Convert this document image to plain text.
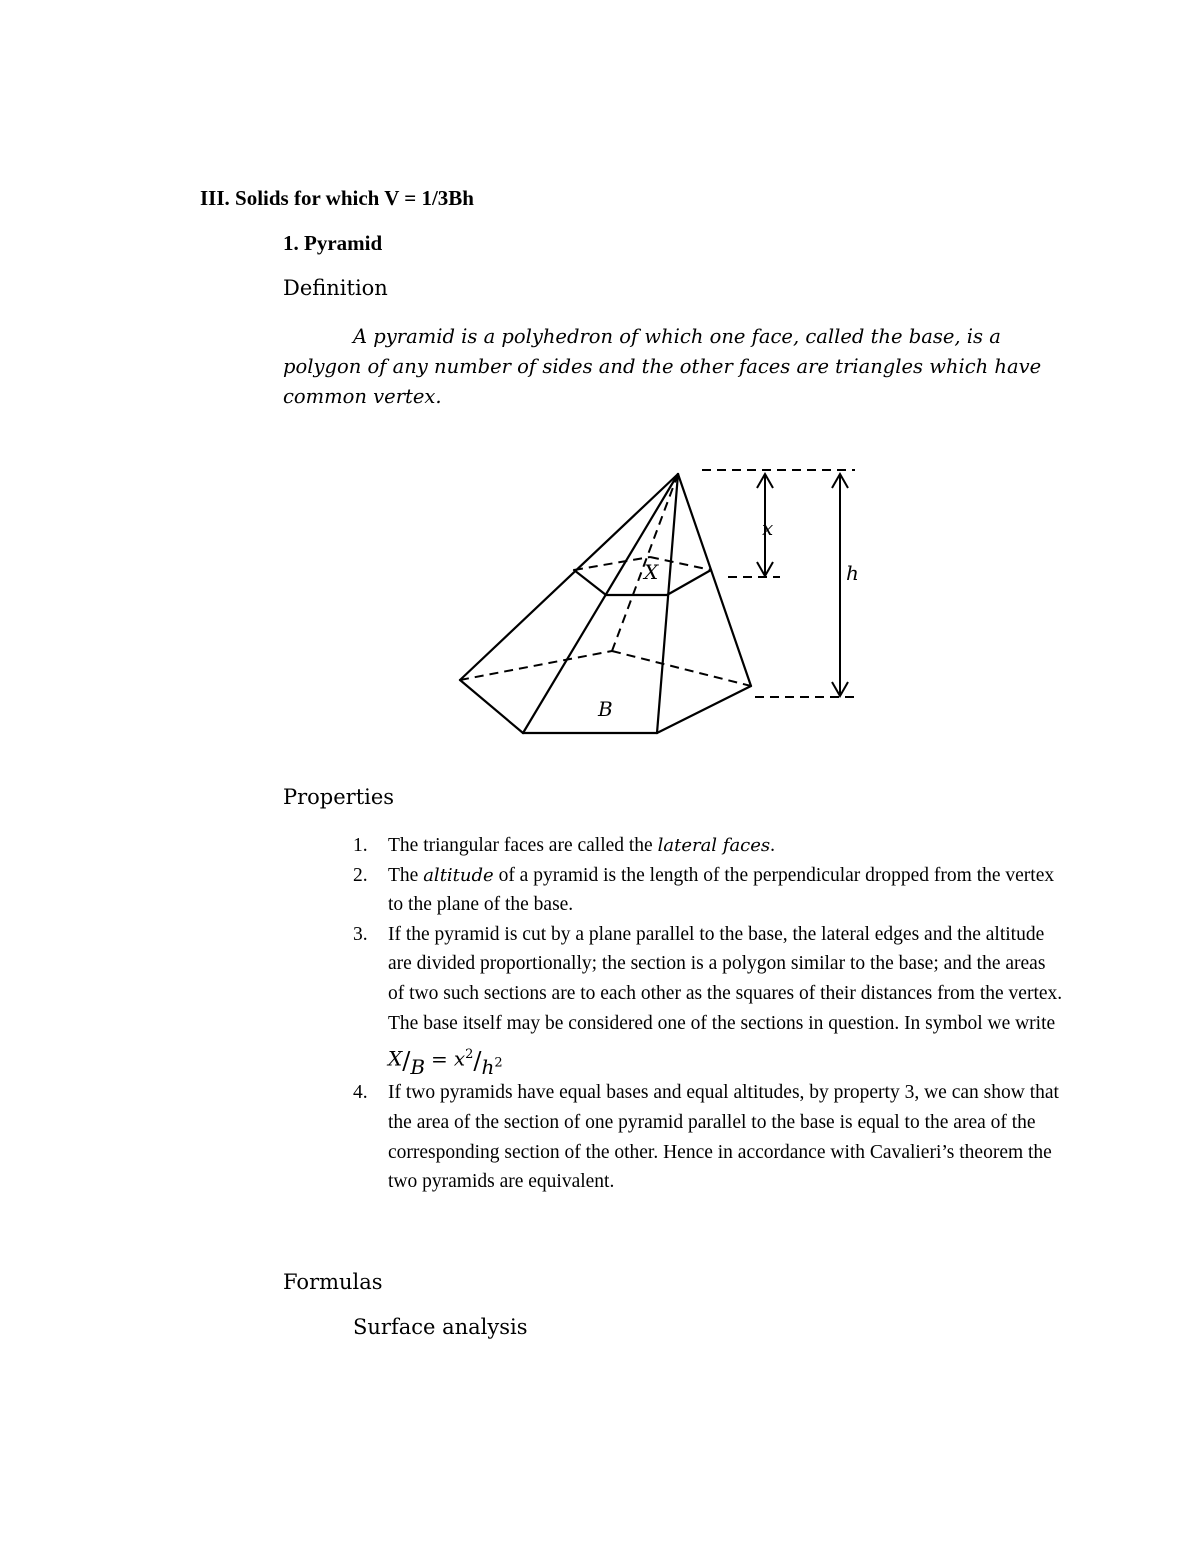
III. Solids for which V = 1/3Bh
1. Pyramid
Definition
A pyramid is a polyhedron of which one face, called the base, is a polygon of any number of sides and the other faces are triangles which have common vertex.
x
X	h
B
Properties
1. The triangular faces are called the lateral faces.
2. The altitude of a pyramid is the length of the perpendicular dropped from the vertex to the plane of the base.
3. If the pyramid is cut by a plane parallel to the base, the lateral edges and the altitude are divided proportionally; the section is a polygon similar to the base; and the areas of two such sections are to each other as the squares of their distances from the vertex. The base itself may be considered one of the sections in question. In symbol we write
$X/B = x^2/h^2$
4. If two pyramids have equal bases and equal altitudes, by property 3, we can show that the area of the section of one pyramid parallel to the base is equal to the area of the corresponding section of the other. Hence in accordance with Cavalieri’s theorem the two pyramids are equivalent.
Formulas
Surface analysis
